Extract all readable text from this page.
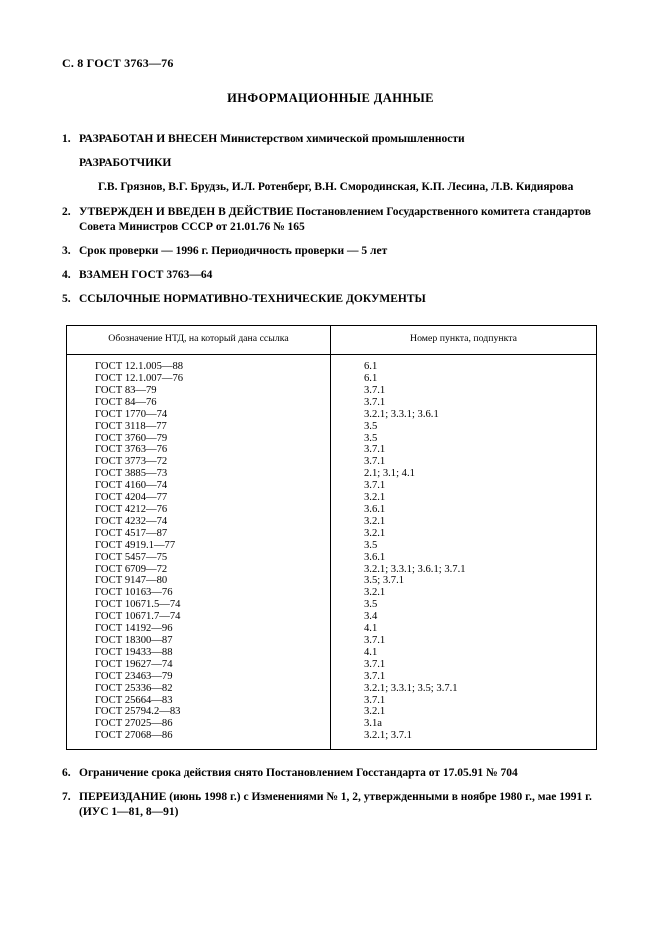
С. 8 ГОСТ 3763—76
ИНФОРМАЦИОННЫЕ ДАННЫЕ
1. РАЗРАБОТАН И ВНЕСЕН Министерством химической промышленности
РАЗРАБОТЧИКИ
Г.В. Грязнов, В.Г. Брудзь, И.Л. Ротенберг, В.Н. Смородинская, К.П. Лесина, Л.В. Кидиярова
2. УТВЕРЖДЕН И ВВЕДЕН В ДЕЙСТВИЕ Постановлением Государственного комитета стандартов Совета Министров СССР от 21.01.76 № 165
3. Срок проверки — 1996 г. Периодичность проверки — 5 лет
4. ВЗАМЕН ГОСТ 3763—64
5. ССЫЛОЧНЫЕ НОРМАТИВНО-ТЕХНИЧЕСКИЕ ДОКУМЕНТЫ
Обозначение НТД, на который дана ссылка	Номер пункта, подпункта
ГОСТ 12.1.005—88	6.1
ГОСТ 12.1.007—76	6.1
ГОСТ 83—79	3.7.1
ГОСТ 84—76	3.7.1
ГОСТ 1770—74	3.2.1; 3.3.1; 3.6.1
ГОСТ 3118—77	3.5
ГОСТ 3760—79	3.5
ГОСТ 3763—76	3.7.1
ГОСТ 3773—72	3.7.1
ГОСТ 3885—73	2.1; 3.1; 4.1
ГОСТ 4160—74	3.7.1
ГОСТ 4204—77	3.2.1
ГОСТ 4212—76	3.6.1
ГОСТ 4232—74	3.2.1
ГОСТ 4517—87	3.2.1
ГОСТ 4919.1—77	3.5
ГОСТ 5457—75	3.6.1
ГОСТ 6709—72	3.2.1; 3.3.1; 3.6.1; 3.7.1
ГОСТ 9147—80	3.5; 3.7.1
ГОСТ 10163—76	3.2.1
ГОСТ 10671.5—74	3.5
ГОСТ 10671.7—74	3.4
ГОСТ 14192—96	4.1
ГОСТ 18300—87	3.7.1
ГОСТ 19433—88	4.1
ГОСТ 19627—74	3.7.1
ГОСТ 23463—79	3.7.1
ГОСТ 25336—82	3.2.1; 3.3.1; 3.5; 3.7.1
ГОСТ 25664—83	3.7.1
ГОСТ 25794.2—83	3.2.1
ГОСТ 27025—86	3.1а
ГОСТ 27068—86	3.2.1; 3.7.1
6. Ограничение срока действия снято Постановлением Госстандарта от 17.05.91 № 704
7. ПЕРЕИЗДАНИЕ (июнь 1998 г.) с Изменениями № 1, 2, утвержденными в ноябре 1980 г., мае 1991 г. (ИУС 1—81, 8—91)
